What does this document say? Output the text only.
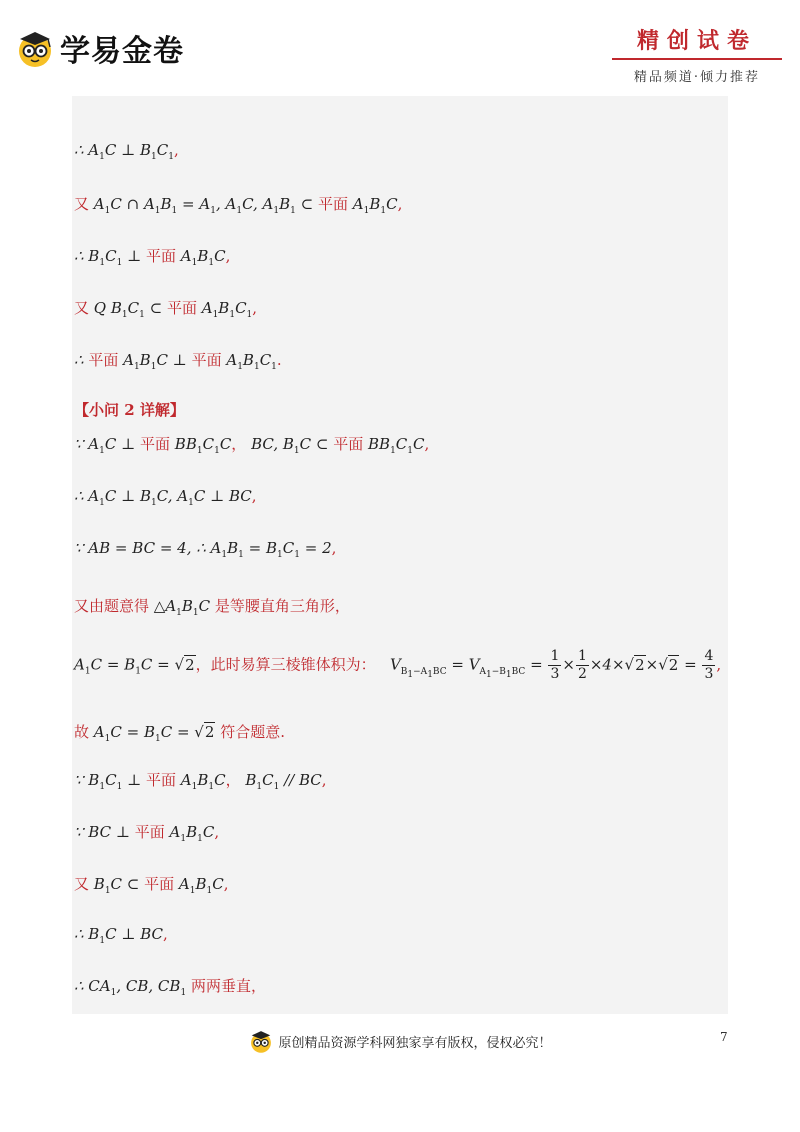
学易金卷	精创试卷
精品频道·倾力推荐
∴ $A_1C$ ⊥ $B_1C_1$,
又 $A_1C$ ∩ $A_1B_1 = A_1$, $A_1C$, $A_1B_1$ ⊂ 平面 $A_1B_1C$,
∴ $B_1C_1$ ⊥ 平面 $A_1B_1C$,
又 Q $B_1C_1$ ⊂ 平面 $A_1B_1C_1$,
∴ 平面 $A_1B_1C$ ⊥ 平面 $A_1B_1C_1$.
【小问 2 详解】
∵ $A_1C$ ⊥ 平面 $BB_1C_1C$， BC, $B_1C$ ⊂ 平面 $BB_1C_1C$,
∴ $A_1C$ ⊥ $B_1C$, $A_1C$ ⊥ BC,
∵ AB = BC = 4, ∴ $A_1B_1 = B_1C_1 = 2$,
又由题意得 $\triangle A_1B_1C$ 是等腰直角三角形，
$A_1C = B_1C = √2$，此时易算三棱锥体积为：   $V_{B_1-A_1BC} = V_{A_1-B_1BC} = \frac{1}{3} \times \frac{1}{2} \times 4\times√2\times√2 = \frac{4}{3}$ ,
故 $A_1C = B_1C = √2$ 符合题意.
∵ $B_1C_1$ ⊥ 平面 $A_1B_1C$， $B_1C_1$ // BC,
∵ BC ⊥ 平面 $A_1B_1C$,
又 $B_1C$ ⊂ 平面 $A_1B_1C$,
∴ $B_1C$ ⊥ BC,
∴ $CA_1$, CB, $CB_1$ 两两垂直，
7
原创精品资源学科网独家享有版权，侵权必究！
